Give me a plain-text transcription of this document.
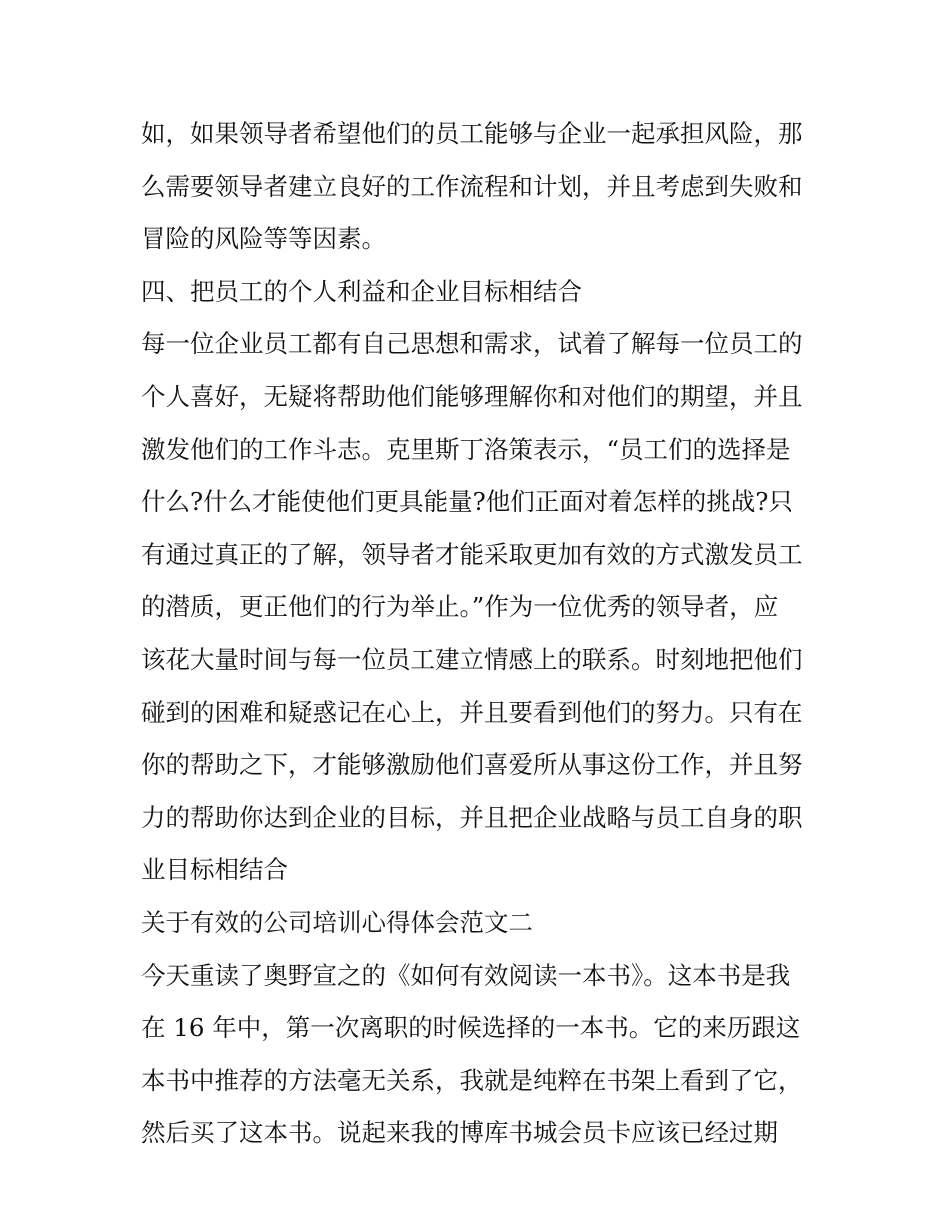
如，如果领导者希望他们的员工能够与企业一起承担风险，那
么需要领导者建立良好的工作流程和计划，并且考虑到失败和
冒险的风险等等因素。
四、把员工的个人利益和企业目标相结合
每一位企业员工都有自己思想和需求，试着了解每一位员工的
个人喜好，无疑将帮助他们能够理解你和对他们的期望，并且
激发他们的工作斗志。克里斯丁洛策表示，“员工们的选择是
什么?什么才能使他们更具能量?他们正面对着怎样的挑战?只
有通过真正的了解，领导者才能采取更加有效的方式激发员工
的潜质，更正他们的行为举止。”作为一位优秀的领导者，应
该花大量时间与每一位员工建立情感上的联系。时刻地把他们
碰到的困难和疑惑记在心上，并且要看到他们的努力。只有在
你的帮助之下，才能够激励他们喜爱所从事这份工作，并且努
力的帮助你达到企业的目标，并且把企业战略与员工自身的职
业目标相结合
关于有效的公司培训心得体会范文二
今天重读了奥野宣之的《如何有效阅读一本书》。这本书是我
在 16 年中，第一次离职的时候选择的一本书。它的来历跟这
本书中推荐的方法毫无关系，我就是纯粹在书架上看到了它，
然后买了这本书。说起来我的博库书城会员卡应该已经过期
